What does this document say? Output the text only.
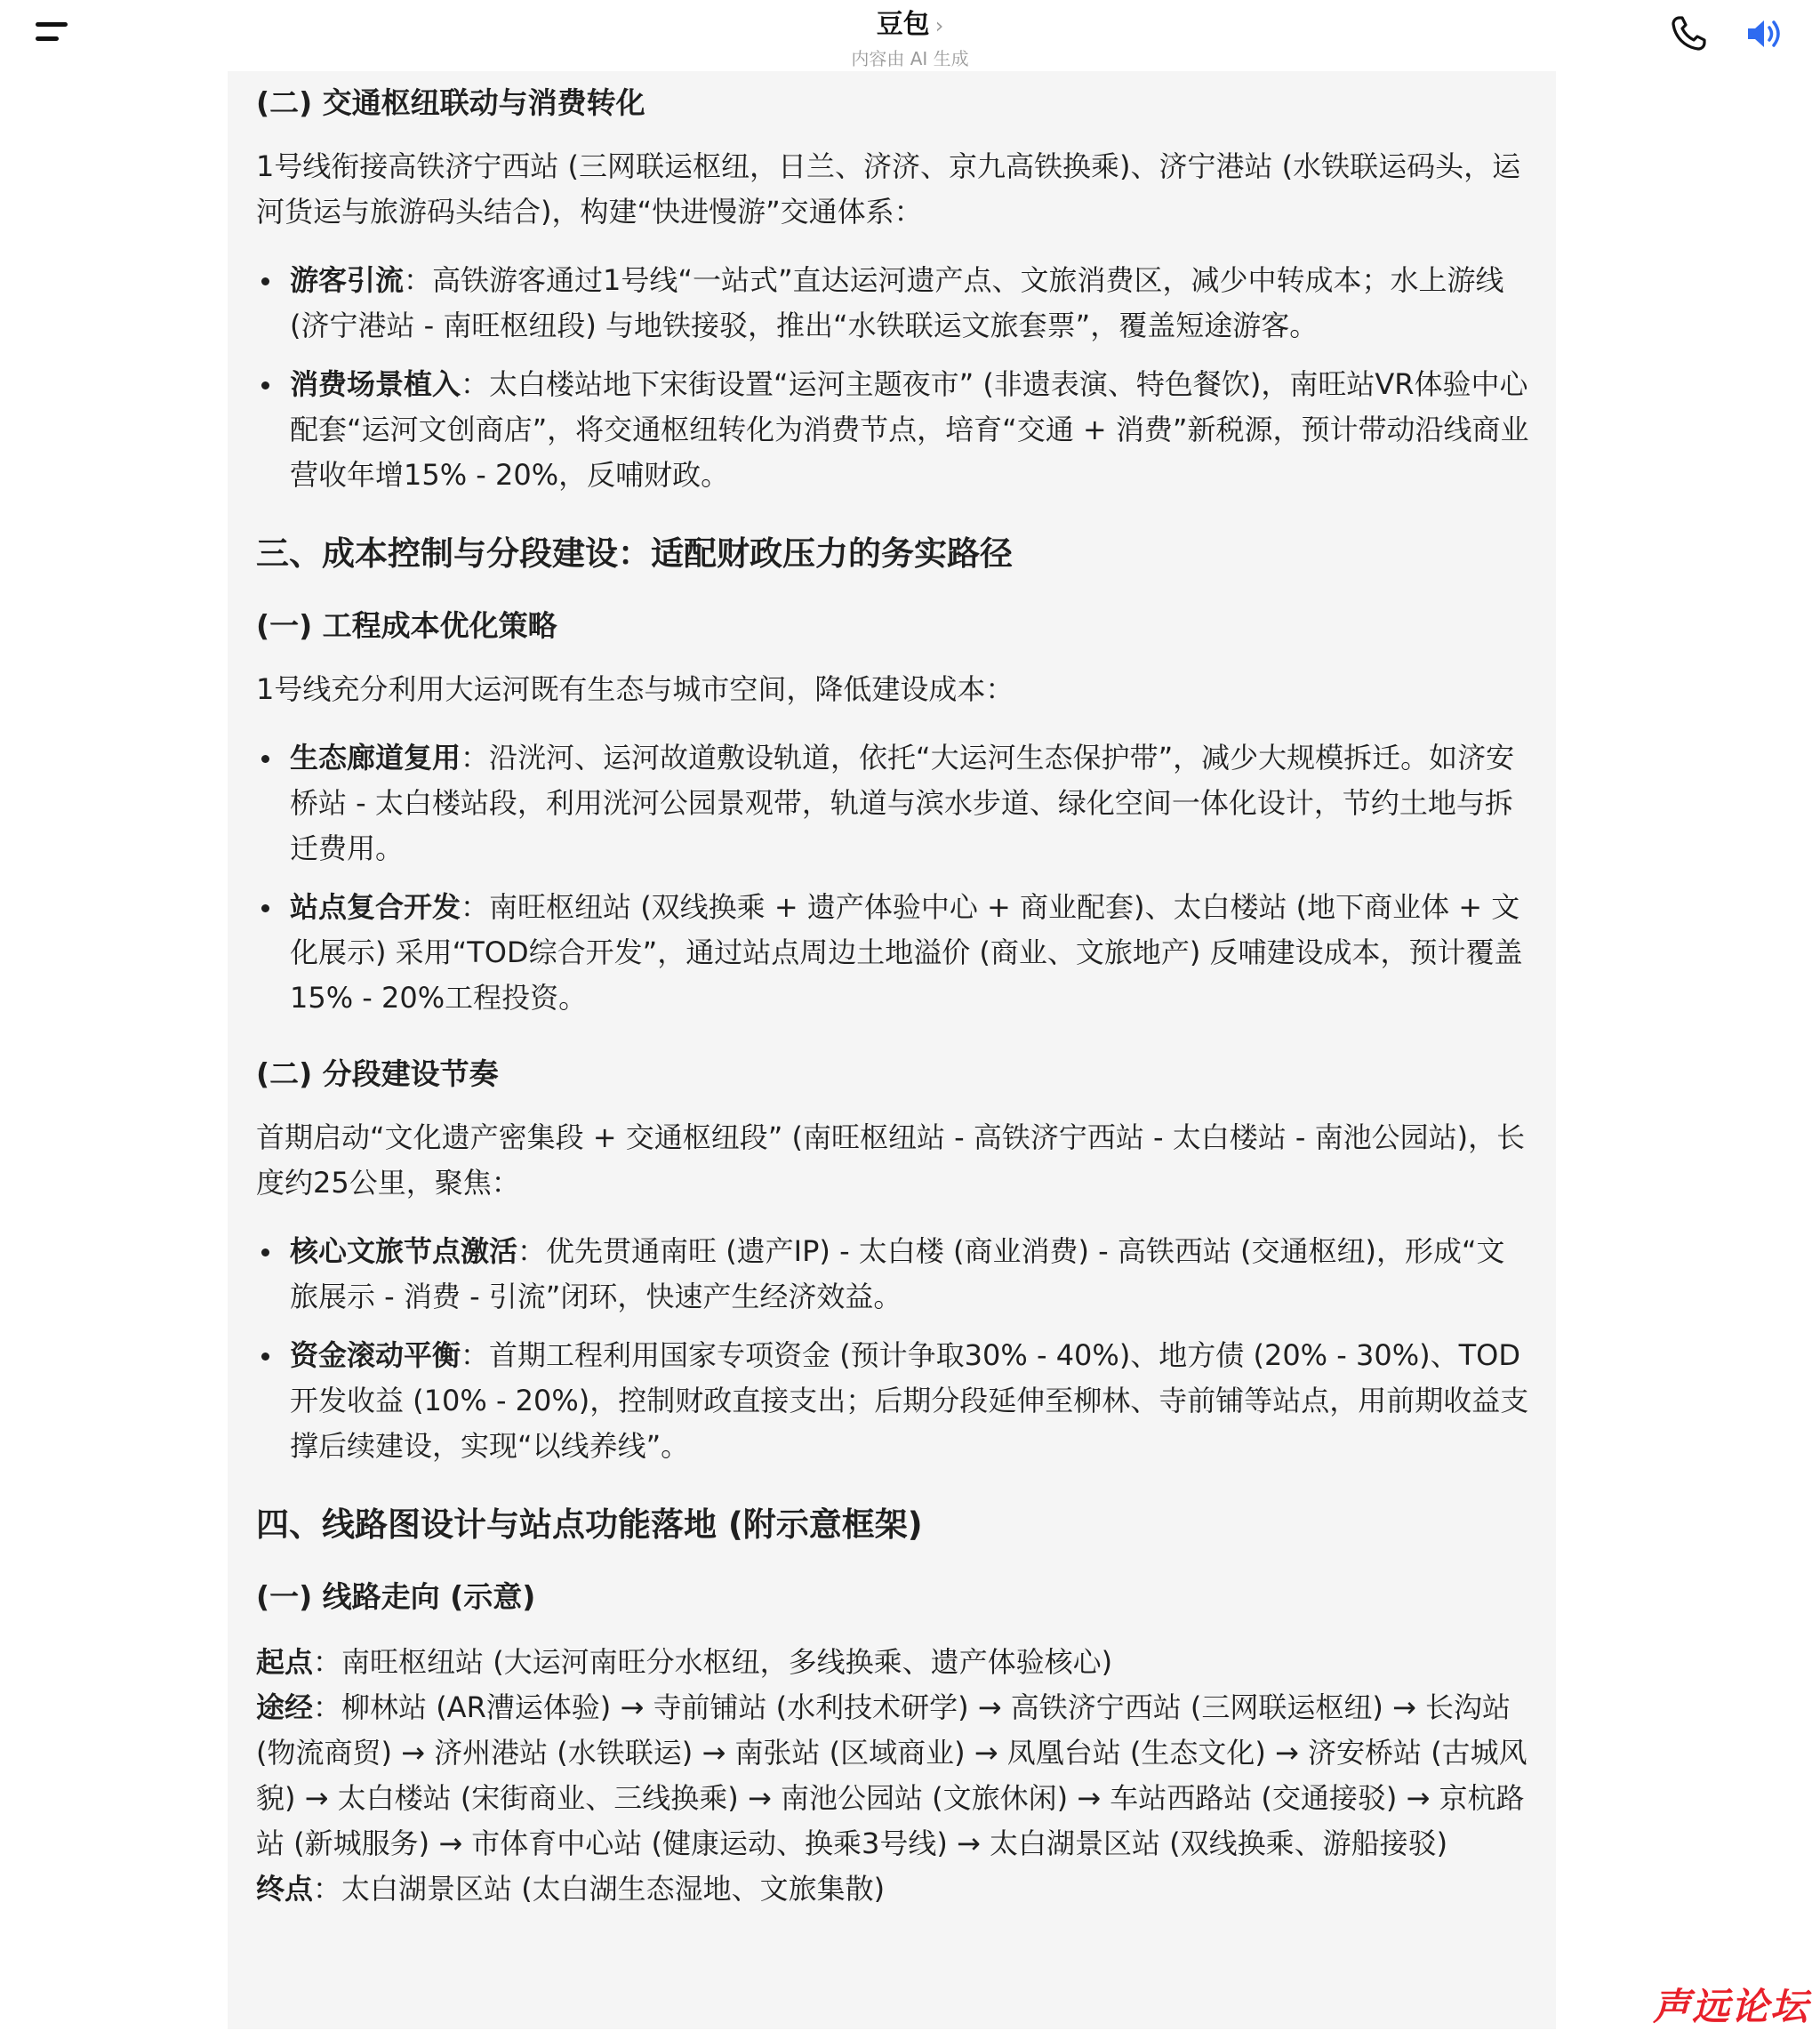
豆包 ›
内容由 AI 生成
(二) 交通枢纽联动与消费转化

1号线衔接高铁济宁西站 (三网联运枢纽，日兰、济济、京九高铁换乘)、济宁港站 (水铁联运码头，运河货运与旅游码头结合)，构建“快进慢游”交通体系：

游客引流：高铁游客通过1号线“一站式”直达运河遗产点、文旅消费区，减少中转成本；水上游线 (济宁港站 - 南旺枢纽段) 与地铁接驳，推出“水铁联运文旅套票”，覆盖短途游客。
消费场景植入：太白楼站地下宋街设置“运河主题夜市” (非遗表演、特色餐饮)，南旺站VR体验中心配套“运河文创商店”，将交通枢纽转化为消费节点，培育“交通 + 消费”新税源，预计带动沿线商业营收年增15% - 20%，反哺财政。
三、成本控制与分段建设：适配财政压力的务实路径
(一) 工程成本优化策略

1号线充分利用大运河既有生态与城市空间，降低建设成本：

生态廊道复用：沿洸河、运河故道敷设轨道，依托“大运河生态保护带”，减少大规模拆迁。如济安桥站 - 太白楼站段，利用洸河公园景观带，轨道与滨水步道、绿化空间一体化设计，节约土地与拆迁费用。
站点复合开发：南旺枢纽站 (双线换乘 + 遗产体验中心 + 商业配套)、太白楼站 (地下商业体 + 文化展示) 采用“TOD综合开发”，通过站点周边土地溢价 (商业、文旅地产) 反哺建设成本，预计覆盖15% - 20%工程投资。
(二) 分段建设节奏

首期启动“文化遗产密集段 + 交通枢纽段” (南旺枢纽站 - 高铁济宁西站 - 太白楼站 - 南池公园站)，长度约25公里，聚焦：

核心文旅节点激活：优先贯通南旺 (遗产IP) - 太白楼 (商业消费) - 高铁西站 (交通枢纽)，形成“文旅展示 - 消费 - 引流”闭环，快速产生经济效益。
资金滚动平衡：首期工程利用国家专项资金 (预计争取30% - 40%)、地方债 (20% - 30%)、TOD开发收益 (10% - 20%)，控制财政直接支出；后期分段延伸至柳林、寺前铺等站点，用前期收益支撑后续建设，实现“以线养线”。
四、线路图设计与站点功能落地 (附示意框架)
(一) 线路走向 (示意)

起点：南旺枢纽站 (大运河南旺分水枢纽，多线换乘、遗产体验核心)

途经：柳林站 (AR漕运体验) → 寺前铺站 (水利技术研学) → 高铁济宁西站 (三网联运枢纽) → 长沟站 (物流商贸) → 济州港站 (水铁联运) → 南张站 (区域商业) → 凤凰台站 (生态文化) → 济安桥站 (古城风貌) → 太白楼站 (宋街商业、三线换乘) → 南池公园站 (文旅休闲) → 车站西路站 (交通接驳) → 京杭路站 (新城服务) → 市体育中心站 (健康运动、换乘3号线) → 太白湖景区站 (双线换乘、游船接驳)

终点：太白湖景区站 (太白湖生态湿地、文旅集散)

声远论坛
